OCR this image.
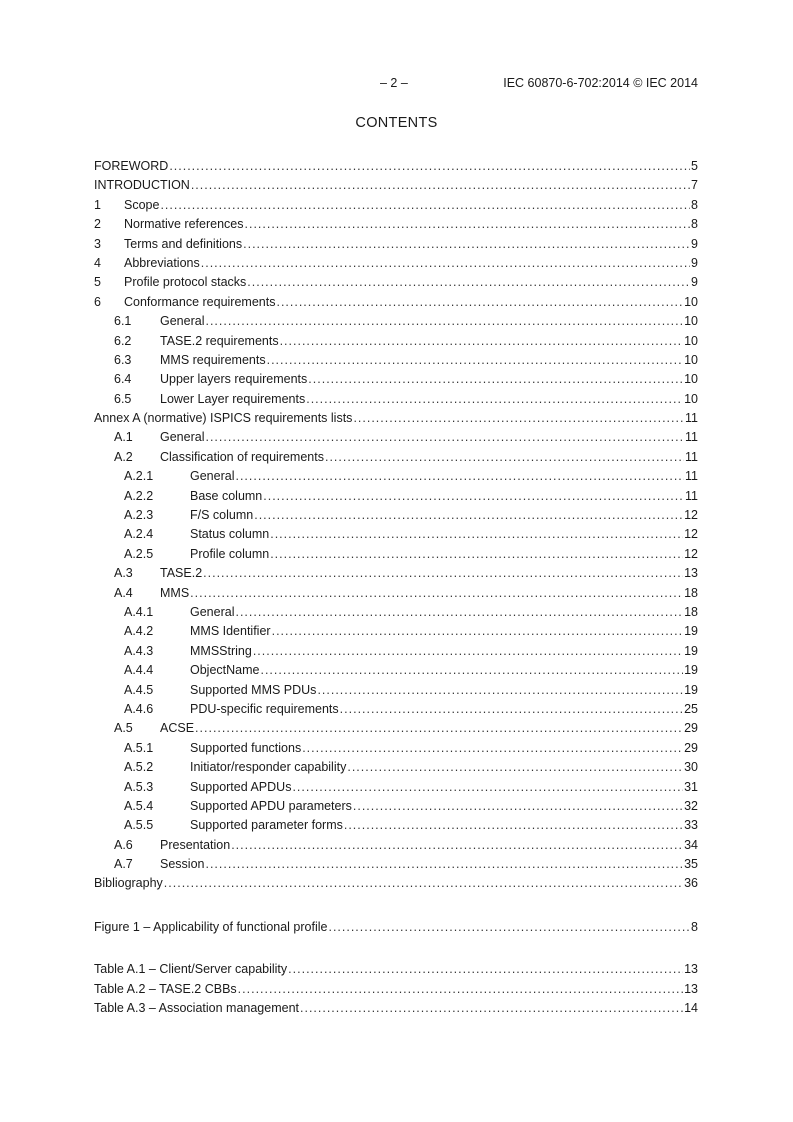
– 2 –	IEC 60870-6-702:2014 © IEC 2014
CONTENTS
FOREWORD .....	5
INTRODUCTION .....	7
1	Scope .....	8
2	Normative references .....	8
3	Terms and definitions .....	9
4	Abbreviations .....	9
5	Profile protocol stacks .....	9
6	Conformance requirements .....	10
6.1	General .....	10
6.2	TASE.2 requirements .....	10
6.3	MMS requirements .....	10
6.4	Upper layers requirements .....	10
6.5	Lower Layer requirements .....	10
Annex A (normative) ISPICS requirements lists .....	11
A.1	General .....	11
A.2	Classification of requirements .....	11
A.2.1	General .....	11
A.2.2	Base column .....	11
A.2.3	F/S column .....	12
A.2.4	Status column .....	12
A.2.5	Profile column .....	12
A.3	TASE.2 .....	13
A.4	MMS .....	18
A.4.1	General .....	18
A.4.2	MMS Identifier .....	19
A.4.3	MMSString .....	19
A.4.4	ObjectName .....	19
A.4.5	Supported MMS PDUs .....	19
A.4.6	PDU-specific requirements .....	25
A.5	ACSE .....	29
A.5.1	Supported functions .....	29
A.5.2	Initiator/responder capability .....	30
A.5.3	Supported APDUs .....	31
A.5.4	Supported APDU parameters .....	32
A.5.5	Supported parameter forms .....	33
A.6	Presentation .....	34
A.7	Session .....	35
Bibliography .....	36
Figure 1 – Applicability of functional profile .....	8
Table A.1 – Client/Server capability .....	13
Table A.2 – TASE.2 CBBs .....	13
Table A.3 – Association management .....	14
